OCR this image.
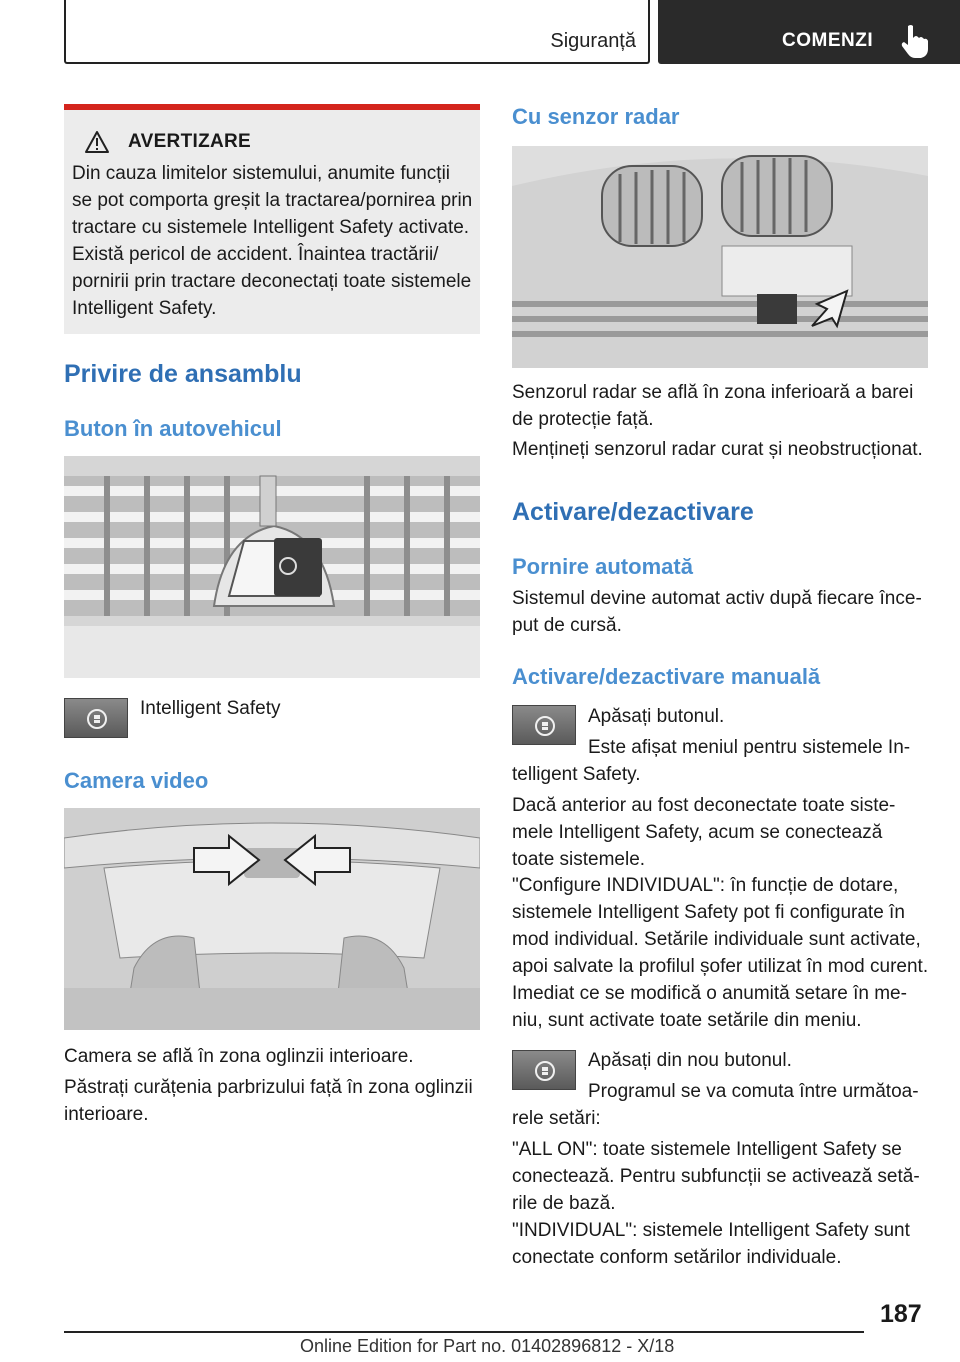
Siguranță	COMENZI
AVERTIZARE
Din cauza limitelor sistemului, anumite funcții
se pot comporta greșit la tractarea/pornirea prin
tractare cu sistemele Intelligent Safety activate.
Există pericol de accident. Înaintea tractării/
pornirii prin tractare deconectați toate sistemele
Intelligent Safety.
Privire de ansamblu
Buton în autovehicul
Intelligent Safety
Camera video
Camera se află în zona oglinzii interioare.
Păstrați curățenia parbrizului față în zona oglinzii
interioare.
Cu senzor radar
Senzorul radar se află în zona inferioară a barei
de protecție față.
Mențineți senzorul radar curat și neobstrucționat.
Activare/dezactivare
Pornire automată
Sistemul devine automat activ după fiecare înce-
put de cursă.
Activare/dezactivare manuală
Apăsați butonul.
Este afișat meniul pentru sistemele In-
telligent Safety.
Dacă anterior au fost deconectate toate siste-
mele Intelligent Safety, acum se conectează
toate sistemele.
"Configure INDIVIDUAL": în funcție de dotare,
sistemele Intelligent Safety pot fi configurate în
mod individual. Setările individuale sunt activate,
apoi salvate la profilul șofer utilizat în mod curent.
Imediat ce se modifică o anumită setare în me-
niu, sunt activate toate setările din meniu.
Apăsați din nou butonul.
Programul se va comuta între următoa-
rele setări:
"ALL ON": toate sistemele Intelligent Safety se
conectează. Pentru subfuncții se activează setă-
rile de bază.
"INDIVIDUAL": sistemele Intelligent Safety sunt
conectate conform setărilor individuale.
187
Online Edition for Part no. 01402896812 - X/18
